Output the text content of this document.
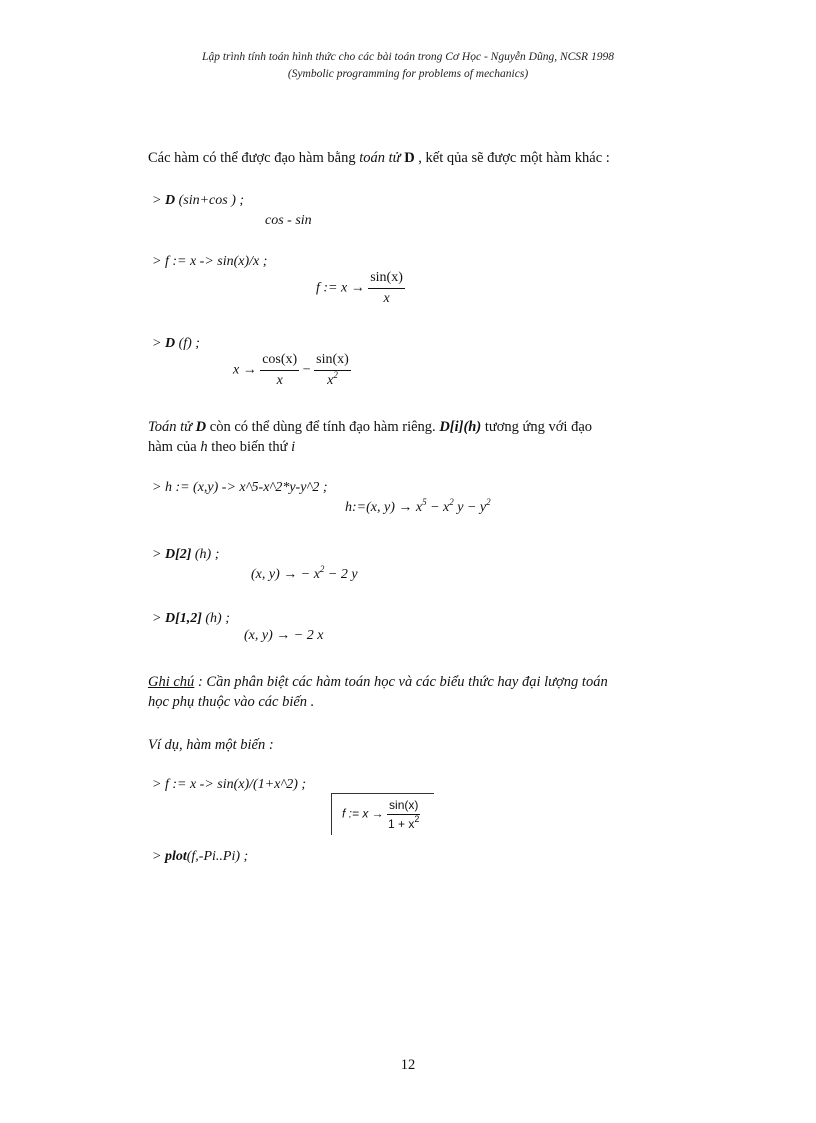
Lập trình tính toán hình thức cho các bài toán trong Cơ Học - Nguyễn Dũng, NCSR 1998
(Symbolic programming for problems of mechanics)
Các hàm có thể được đạo hàm bằng toán tử D , kết qủa sẽ được một hàm khác :
> D (sin+cos ) ;
cos - sin
> f := x -> sin(x)/x ;
f := $x \to \frac{\sin(x)}{x}$
> D (f) ;
$x \to \frac{\cos(x)}{x} - \frac{\sin(x)}{x^2}$
Toán tử D còn có thể dùng để tính đạo hàm riêng. D[i](h) tương ứng với đạo
hàm của h theo biến thứ i
> h := (x,y) -> x^5-x^2*y-y^2 ;
h:=(x, $y) \to x^5 - x^2$ $y - y^2$
> D[2] (h) ;
(x, y) → − $x^2 - 2$ y
> D[1,2] (h) ;
(x, y) → − 2 x
Ghi chú : Cần phân biệt các hàm toán học và các biểu thức hay đại lượng toán
học phụ thuộc vào các biến .
Ví dụ, hàm một biến :
> f := x -> sin(x)/(1+x^2) ;
f := $x \to \frac{\sin(x)}{1 + x^2}$
> plot(f,-Pi..Pi) ;
12
